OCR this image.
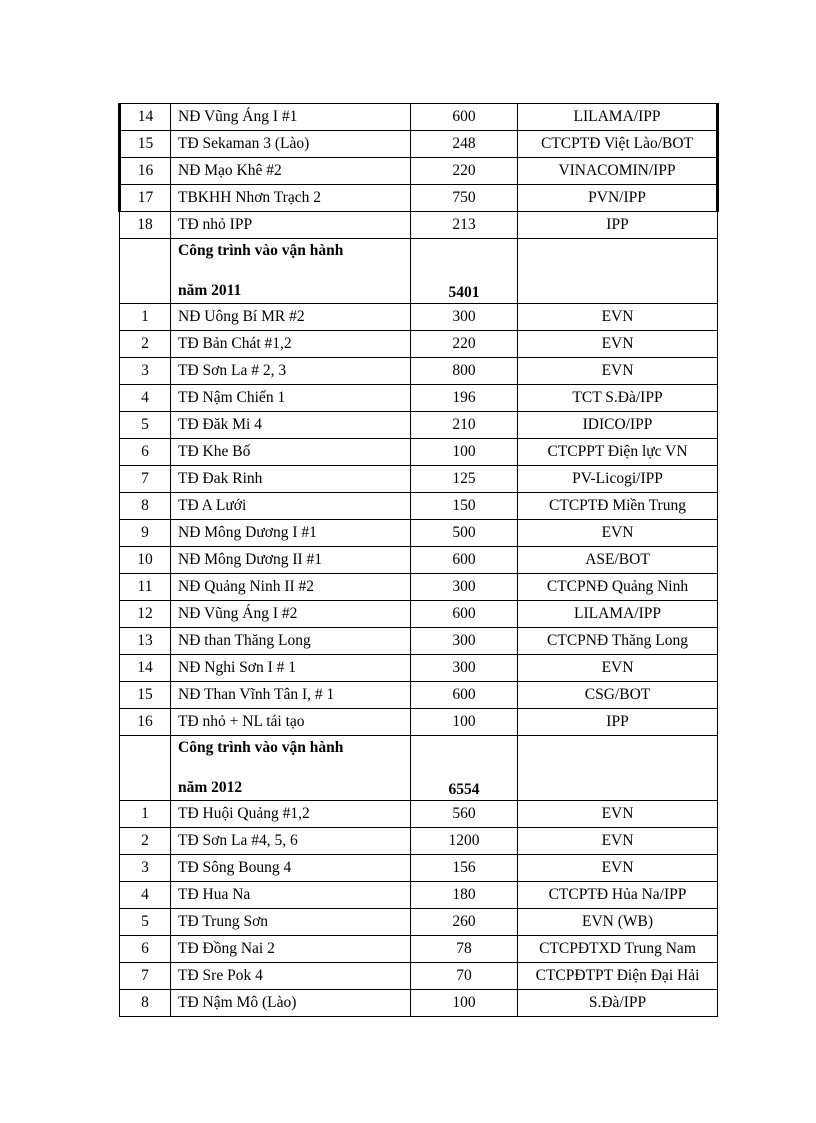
14	NĐ Vũng Áng I #1	600	LILAMA/IPP
15	TĐ Sekaman 3 (Lào)	248	CTCPTĐ Việt Lào/BOT
16	NĐ Mạo Khê #2	220	VINACOMIN/IPP
17	TBKHH Nhơn Trạch 2	750	PVN/IPP
18	TĐ nhỏ IPP	213	IPP

	Công trình vào vận hành
năm 2011	5401	

1	NĐ Uông Bí MR #2	300	EVN
2	TĐ Bản Chát #1,2	220	EVN
3	TĐ Sơn La # 2, 3	800	EVN
4	TĐ Nậm Chiến 1	196	TCT S.Đà/IPP
5	TĐ Đăk Mi 4	210	IDICO/IPP
6	TĐ Khe Bố	100	CTCPPT Điện lực VN
7	TĐ Đak Rinh	125	PV-Licogi/IPP
8	TĐ A Lưới	150	CTCPTĐ Miền Trung
9	NĐ Mông Dương I #1	500	EVN
10	NĐ Mông Dương II #1	600	ASE/BOT
11	NĐ Quảng Ninh II #2	300	CTCPNĐ Quảng Ninh
12	NĐ Vũng Áng I #2	600	LILAMA/IPP
13	NĐ than Thăng Long	300	CTCPNĐ Thăng Long
14	NĐ Nghi Sơn I # 1	300	EVN
15	NĐ Than Vĩnh Tân I, # 1	600	CSG/BOT
16	TĐ nhỏ + NL tái tạo	100	IPP

	Công trình vào vận hành
năm 2012	6554	

1	TĐ Huội Quảng #1,2	560	EVN
2	TĐ Sơn La #4, 5, 6	1200	EVN
3	TĐ Sông Boung 4	156	EVN
4	TĐ Hua Na	180	CTCPTĐ Hủa Na/IPP
5	TĐ Trung Sơn	260	EVN (WB)
6	TĐ Đồng Nai 2	78	CTCPĐTXD Trung Nam
7	TĐ Sre Pok 4	70	CTCPĐTPT Điện Đại Hải
8	TĐ Nậm Mô (Lào)	100	S.Đà/IPP
